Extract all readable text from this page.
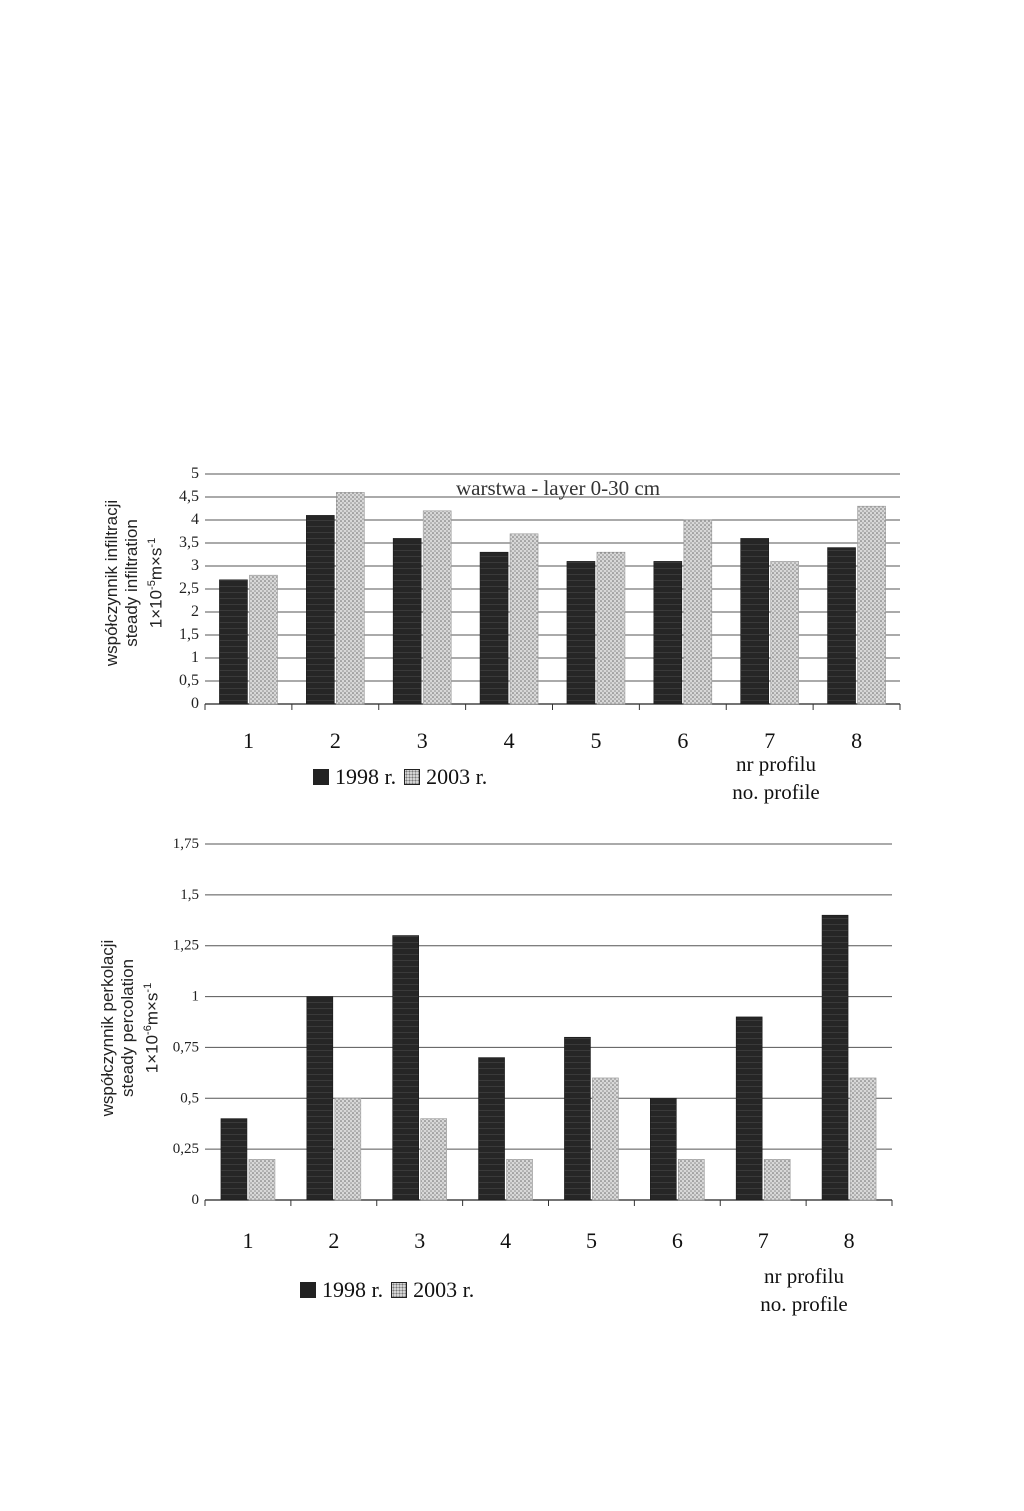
współczynnik infiltracji steady infiltration $1\times 10^{-5}m\times s^{-1}$
warstwa - layer 0-30 cm
0
0,5
1
1,5
2
2,5
3
3,5
4
4,5
5
1	2	3	4	5	6	7	8
1998 r. 2003 r.	nr profilu
no. profile
współczynnik perkolacji steady percolation $1\times 10^{-6}m\times s^{-1}$
0
0,25
0,5
0,75
1
1,25
1,5
1,75
1	2	3	4	5	6	7	8
1998 r. 2003 r.
nr profilu
no. profile
